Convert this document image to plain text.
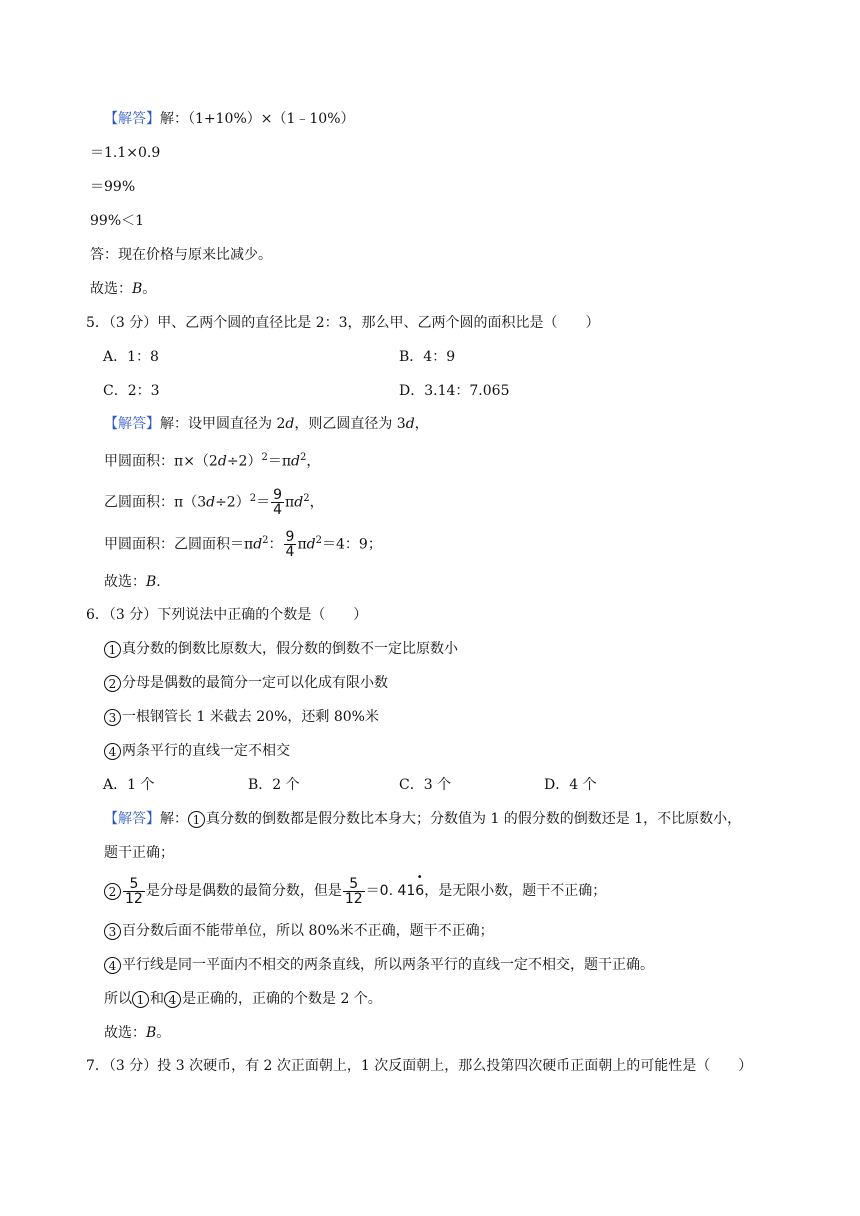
【解答】解：（1+10%）×（1﹣10%）
＝1.1×0.9
＝99%
99%＜1
答：现在价格与原来比减少。
故选：B。
5．（3 分）甲、乙两个圆的直径比是 2：3，那么甲、乙两个圆的面积比是（　　）
A．1：8	B．4：9
C．2：3	D．3.14：7.065
【解答】解：设甲圆直径为 2d，则乙圆直径为 3d，
甲圆面积：$\pi\times(2d\div 2)^2=\pi d^2$，
乙圆面积：$\pi(3d\div 2)^2= \frac{9}{4} \pi d^2$，
甲圆面积：乙圆面积$=\pi d^2$： $\frac{9}{4} \pi d^2=4$：9；
故选：B.
6．（3 分）下列说法中正确的个数是（　　）
1 真分数的倒数比原数大，假分数的倒数不一定比原数小
2 分母是偶数的最简分一定可以化成有限小数
3 一根钢管长 1 米截去 20%，还剩 80%米
4 两条平行的直线一定不相交
A．1 个	B．2 个	C．3 个	D．4 个
【解答】解： 1 真分数的倒数都是假分数比本身大；分数值为 1 的假分数的倒数还是 1，不比原数小，
题干正确；
$2 \frac{5}{12}$ 是分母是偶数的最简分数，但是 $\frac{5}{12} =0$. 41• 6，是无限小数，题干不正确；
3 百分数后面不能带单位，所以 80%米不正确，题干不正确；
4 平行线是同一平面内不相交的两条直线，所以两条平行的直线一定不相交，题干正确。
所以 1 和 4 是正确的，正确的个数是 2 个。
故选：B。
7．（3 分）投 3 次硬币，有 2 次正面朝上，1 次反面朝上，那么投第四次硬币正面朝上的可能性是（　　）
